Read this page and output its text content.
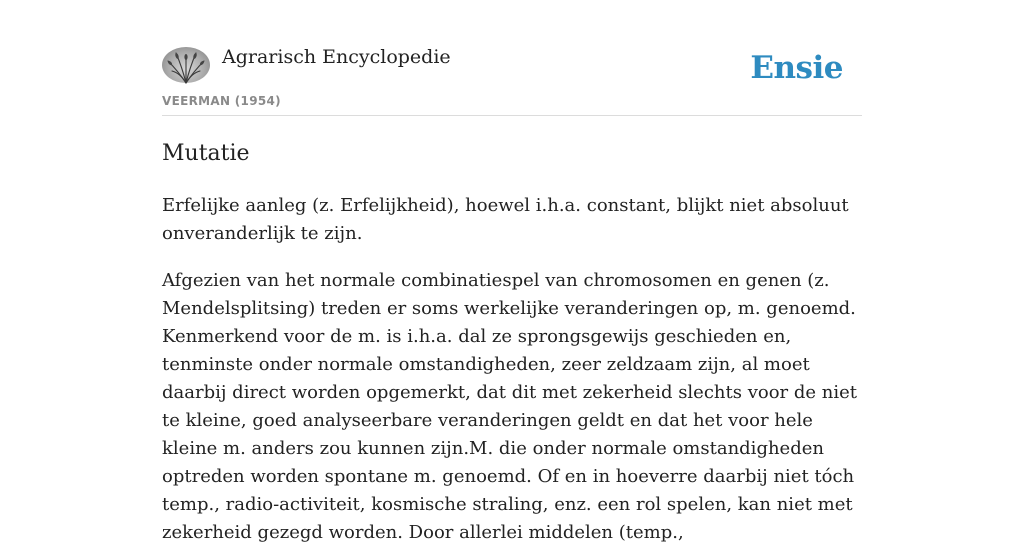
Agrarisch Encyclopedie
VEERMAN (1954)
Ensie
Mutatie

Erfelijke aanleg (z. Erfelijkheid), hoewel i.h.a. constant, blijkt niet absoluut onveranderlijk te zijn.

Afgezien van het normale combinatiespel van chromosomen en genen (z. Mendelsplitsing) treden er soms werkelijke veranderingen op, m. genoemd. Kenmerkend voor de m. is i.h.a. dal ze sprongsgewijs geschieden en, tenminste onder normale omstandigheden, zeer zeldzaam zijn, al moet daarbij direct worden opgemerkt, dat dit met zekerheid slechts voor de niet te kleine, goed analyseerbare veranderingen geldt en dat het voor hele kleine m. anders zou kunnen zijn.M. die onder normale omstandigheden optreden worden spontane m. genoemd. Of en in hoeverre daarbij niet tóch temp., radio-activiteit, kosmische straling, enz. een rol spelen, kan niet met zekerheid gezegd worden. Door allerlei middelen (temp.,
